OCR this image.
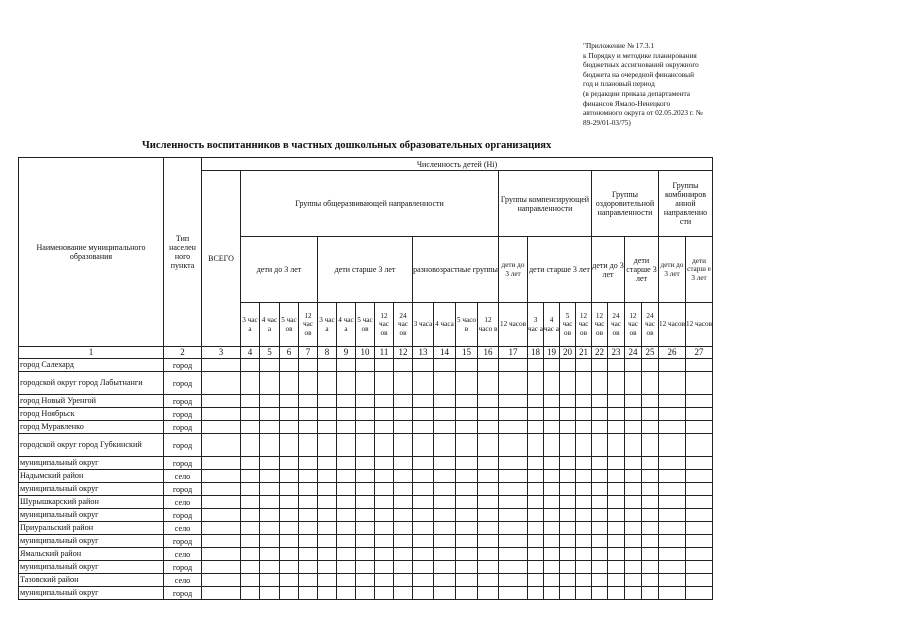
"Приложение № 17.3.1
к Порядку и методике планирования
бюджетных ассигнований окружного
бюджета на очередной финансовый
год и плановый период
(в редакции приказа департамента
финансов Ямало-Ненецкого
автономного округа от 02.05.2023 г. №
89-29/01-03/75)
Численность воспитанников в частных дошкольных образовательных организациях
Наименование муниципального образования	Тип населен ного пункта	Численность детей (Hi)																								
		ВСЕГО	Группы общеразвивающей направленности													Группы компенсирующей направленности					Группы оздоровительной направленности				Группы комбиниров анной направленно сти	
			дети до 3 лет				дети старше 3 лет					разновозрастные группы				дети до 3 лет	дети старше 3 лет				дети до 3 лет		дети старше 3 лет		дети до 3 лет	дети старш е 3 лет
			3 час а	4 час а	5 час ов	12 час ов	3 час а	4 час а	5 час ов	12 час ов	24 час ов	3 часа	4 часа	5 часо в	12 часо в	12 часов	3 час а	4 час а	5 час ов	12 час ов	12 час ов	24 час ов	12 час ов	24 час ов	12 часов	12 часов
1	2	3	4	5	6	7	8	9	10	11	12	13	14	15	16	17	18	19	20	21	22	23	24	25	26	27
город Салехард	город																									
городской округ город Лабытнанги	город																									
город Новый Уренгой	город																									
город Ноябрьск	город																									
город Муравленко	город																									
городской округ город Губкинский	город																									
муниципальный округ	город																									
Надымский район	село																									
муниципальный округ	город																									
Шурышкарский район	село																									
муниципальный округ	город																									
Приуральский район	село																									
муниципальный округ	город																									
Ямальский район	село																									
муниципальный округ	город																									
Тазовский район	село																									
муниципальный округ	город																									
